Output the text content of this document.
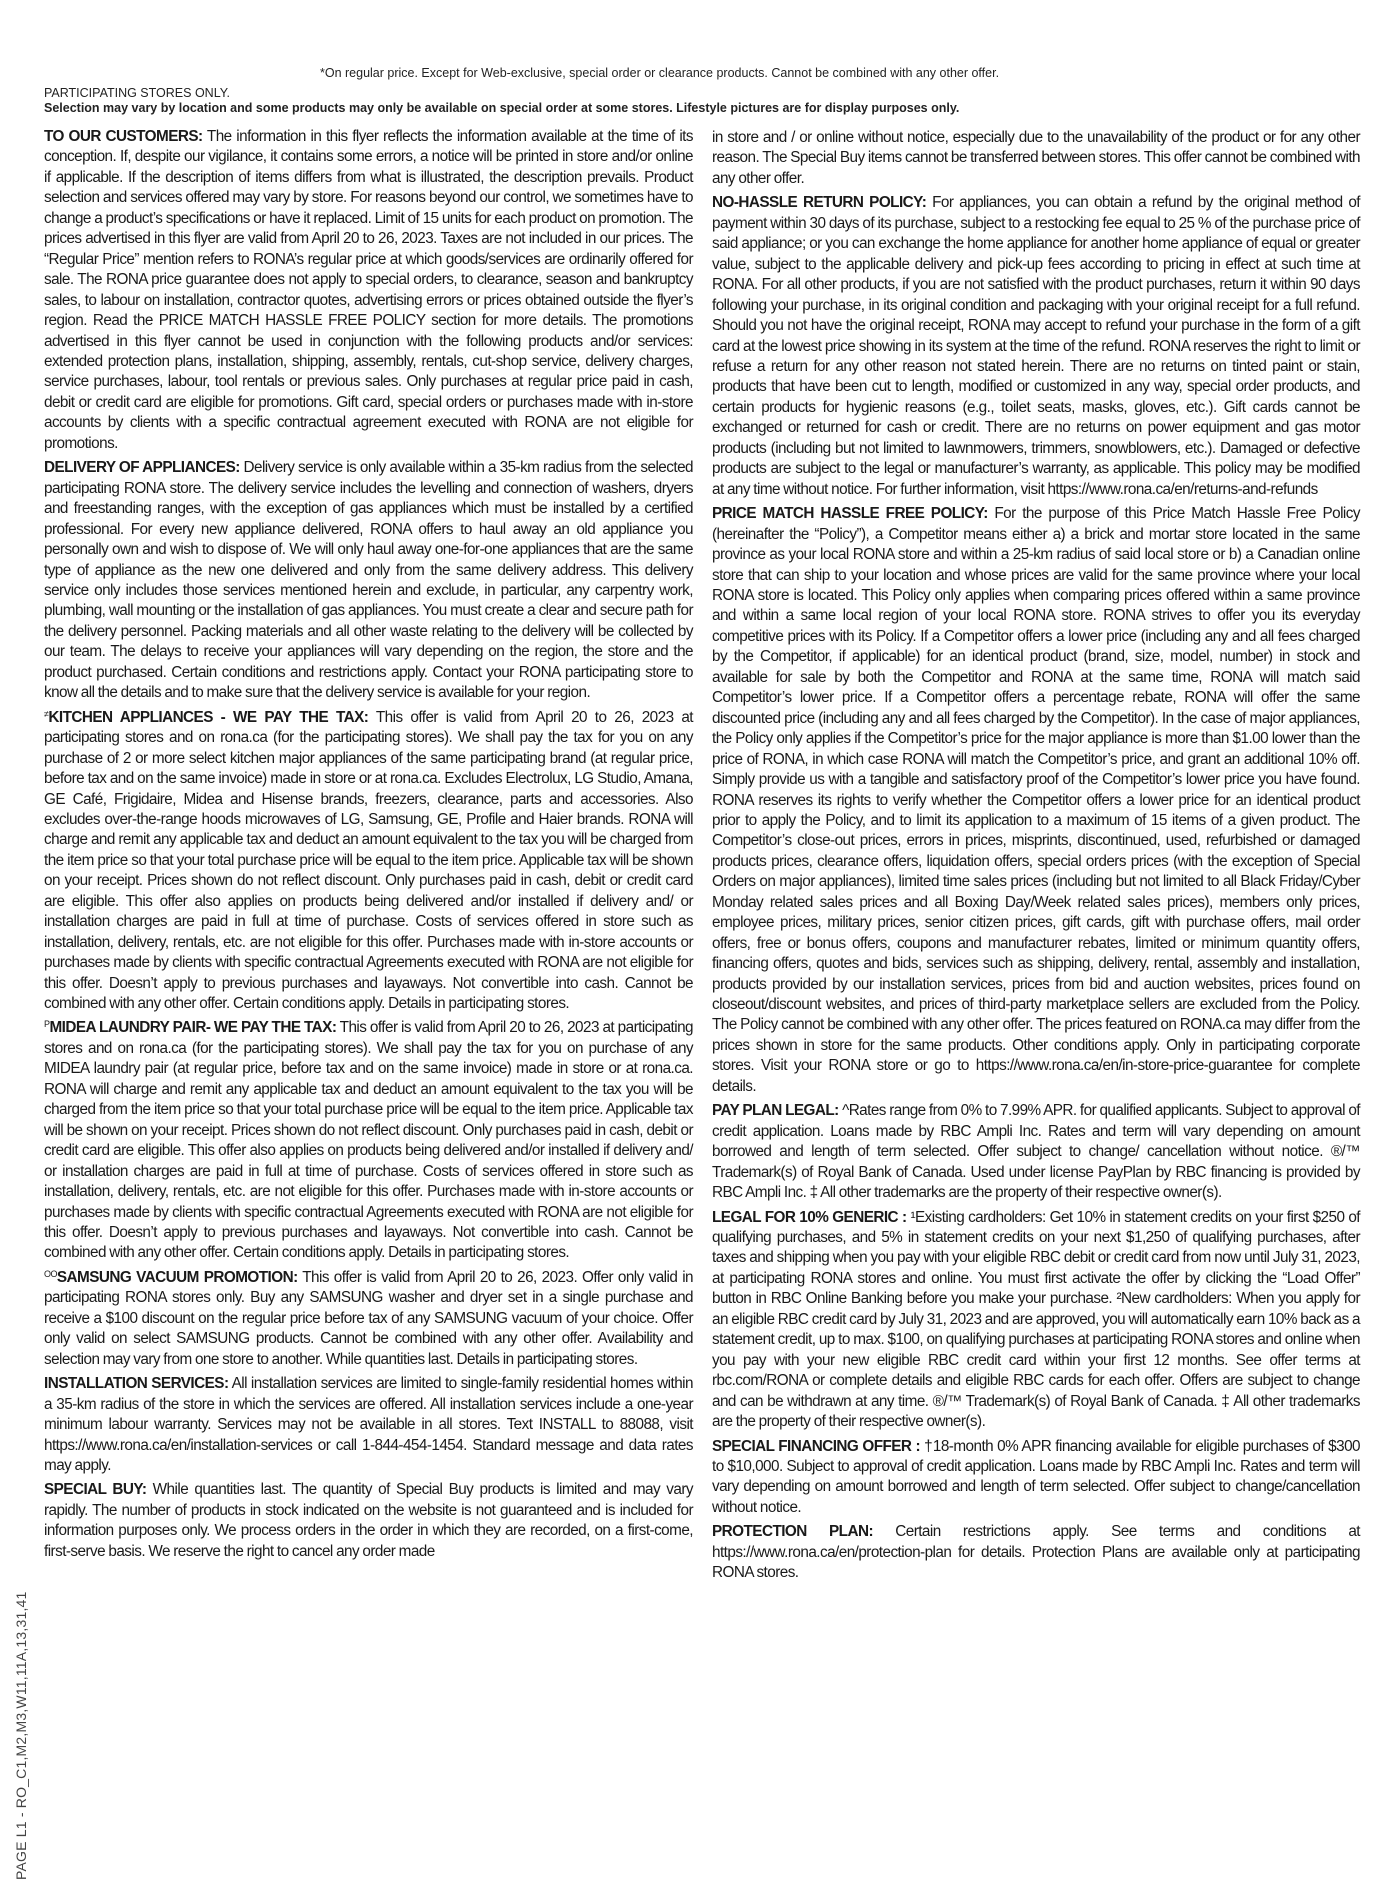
*On regular price. Except for Web-exclusive, special order or clearance products. Cannot be combined with any other offer.
PARTICIPATING STORES ONLY.
Selection may vary by location and some products may only be available on special order at some stores. Lifestyle pictures are for display purposes only.

TO OUR CUSTOMERS: The information in this flyer reflects the information available at the time of its conception. If, despite our vigilance, it contains some errors, a notice will be printed in store and/or online if applicable. If the description of items differs from what is illustrated, the description prevails. Product selection and services offered may vary by store. For reasons beyond our control, we sometimes have to change a product’s specifications or have it replaced. Limit of 15 units for each product on promotion. The prices advertised in this flyer are valid from April 20 to 26, 2023. Taxes are not included in our prices. The “Regular Price” mention refers to RONA’s regular price at which goods/services are ordinarily offered for sale. The RONA price guarantee does not apply to special orders, to clearance, season and bankruptcy sales, to labour on installation, contractor quotes, advertising errors or prices obtained outside the flyer’s region. Read the PRICE MATCH HASSLE FREE POLICY section for more details. The promotions advertised in this flyer cannot be used in conjunction with the following products and/or services: extended protection plans, installation, shipping, assembly, rentals, cut-shop service, delivery charges, service purchases, labour, tool rentals or previous sales. Only purchases at regular price paid in cash, debit or credit card are eligible for promotions. Gift card, special orders or purchases made with in-store accounts by clients with a specific contractual agreement executed with RONA are not eligible for promotions.

DELIVERY OF APPLIANCES: Delivery service is only available within a 35-km radius from the selected participating RONA store. The delivery service includes the levelling and connection of washers, dryers and freestanding ranges, with the exception of gas appliances which must be installed by a certified professional. For every new appliance delivered, RONA offers to haul away an old appliance you personally own and wish to dispose of. We will only haul away one-for-one appliances that are the same type of appliance as the new one delivered and only from the same delivery address. This delivery service only includes those services mentioned herein and exclude, in particular, any carpentry work, plumbing, wall mounting or the installation of gas appliances. You must create a clear and secure path for the delivery personnel. Packing materials and all other waste relating to the delivery will be collected by our team. The delays to receive your appliances will vary depending on the region, the store and the product purchased. Certain conditions and restrictions apply. Contact your RONA participating store to know all the details and to make sure that the delivery service is available for your region.

≠KITCHEN APPLIANCES - WE PAY THE TAX: This offer is valid from April 20 to 26, 2023 at participating stores and on rona.ca (for the participating stores). We shall pay the tax for you on any purchase of 2 or more select kitchen major appliances of the same participating brand (at regular price, before tax and on the same invoice) made in store or at rona.ca. Excludes Electrolux, LG Studio, Amana, GE Café, Frigidaire, Midea and Hisense brands, freezers, clearance, parts and accessories. Also excludes over-the-range hoods microwaves of LG, Samsung, GE, Profile and Haier brands. RONA will charge and remit any applicable tax and deduct an amount equivalent to the tax you will be charged from the item price so that your total purchase price will be equal to the item price. Applicable tax will be shown on your receipt. Prices shown do not reflect discount. Only purchases paid in cash, debit or credit card are eligible. This offer also applies on products being delivered and/or installed if delivery and/ or installation charges are paid in full at time of purchase. Costs of services offered in store such as installation, delivery, rentals, etc. are not eligible for this offer. Purchases made with in-store accounts or purchases made by clients with specific contractual Agreements executed with RONA are not eligible for this offer. Doesn’t apply to previous purchases and layaways. Not convertible into cash. Cannot be combined with any other offer. Certain conditions apply. Details in participating stores.

$^P$MIDEA LAUNDRY PAIR- WE PAY THE TAX: This offer is valid from April 20 to 26, 2023 at participating stores and on rona.ca (for the participating stores). We shall pay the tax for you on purchase of any MIDEA laundry pair (at regular price, before tax and on the same invoice) made in store or at rona.ca. RONA will charge and remit any applicable tax and deduct an amount equivalent to the tax you will be charged from the item price so that your total purchase price will be equal to the item price. Applicable tax will be shown on your receipt. Prices shown do not reflect discount. Only purchases paid in cash, debit or credit card are eligible. This offer also applies on products being delivered and/or installed if delivery and/ or installation charges are paid in full at time of purchase. Costs of services offered in store such as installation, delivery, rentals, etc. are not eligible for this offer. Purchases made with in-store accounts or purchases made by clients with specific contractual Agreements executed with RONA are not eligible for this offer. Doesn’t apply to previous purchases and layaways. Not convertible into cash. Cannot be combined with any other offer. Certain conditions apply. Details in participating stores.

$^{OO}$SAMSUNG VACUUM PROMOTION: This offer is valid from April 20 to 26, 2023. Offer only valid in participating RONA stores only. Buy any SAMSUNG washer and dryer set in a single purchase and receive a $100 discount on the regular price before tax of any SAMSUNG vacuum of your choice. Offer only valid on select SAMSUNG products. Cannot be combined with any other offer. Availability and selection may vary from one store to another. While quantities last. Details in participating stores.

INSTALLATION SERVICES: All installation services are limited to single-family residential homes within a 35-km radius of the store in which the services are offered. All installation services include a one-year minimum labour warranty. Services may not be available in all stores. Text INSTALL to 88088, visit https://www.rona.ca/en/installation-services or call 1-844-454-1454. Standard message and data rates may apply.

SPECIAL BUY: While quantities last. The quantity of Special Buy products is limited and may vary rapidly. The number of products in stock indicated on the website is not guaranteed and is included for information purposes only. We process orders in the order in which they are recorded, on a first-come, first-serve basis. We reserve the right to cancel any order made

in store and / or online without notice, especially due to the unavailability of the product or for any other reason. The Special Buy items cannot be transferred between stores. This offer cannot be combined with any other offer.

NO-HASSLE RETURN POLICY: For appliances, you can obtain a refund by the original method of payment within 30 days of its purchase, subject to a restocking fee equal to 25 % of the purchase price of said appliance; or you can exchange the home appliance for another home appliance of equal or greater value, subject to the applicable delivery and pick-up fees according to pricing in effect at such time at RONA. For all other products, if you are not satisfied with the product purchases, return it within 90 days following your purchase, in its original condition and packaging with your original receipt for a full refund. Should you not have the original receipt, RONA may accept to refund your purchase in the form of a gift card at the lowest price showing in its system at the time of the refund. RONA reserves the right to limit or refuse a return for any other reason not stated herein. There are no returns on tinted paint or stain, products that have been cut to length, modified or customized in any way, special order products, and certain products for hygienic reasons (e.g., toilet seats, masks, gloves, etc.). Gift cards cannot be exchanged or returned for cash or credit. There are no returns on power equipment and gas motor products (including but not limited to lawnmowers, trimmers, snowblowers, etc.). Damaged or defective products are subject to the legal or manufacturer’s warranty, as applicable. This policy may be modified at any time without notice. For further information, visit https://www.rona.ca/en/returns-and-refunds

PRICE MATCH HASSLE FREE POLICY: For the purpose of this Price Match Hassle Free Policy (hereinafter the “Policy”), a Competitor means either a) a brick and mortar store located in the same province as your local RONA store and within a 25-km radius of said local store or b) a Canadian online store that can ship to your location and whose prices are valid for the same province where your local RONA store is located. This Policy only applies when comparing prices offered within a same province and within a same local region of your local RONA store. RONA strives to offer you its everyday competitive prices with its Policy. If a Competitor offers a lower price (including any and all fees charged by the Competitor, if applicable) for an identical product (brand, size, model, number) in stock and available for sale by both the Competitor and RONA at the same time, RONA will match said Competitor’s lower price. If a Competitor offers a percentage rebate, RONA will offer the same discounted price (including any and all fees charged by the Competitor). In the case of major appliances, the Policy only applies if the Competitor’s price for the major appliance is more than $1.00 lower than the price of RONA, in which case RONA will match the Competitor’s price, and grant an additional 10% off. Simply provide us with a tangible and satisfactory proof of the Competitor’s lower price you have found. RONA reserves its rights to verify whether the Competitor offers a lower price for an identical product prior to apply the Policy, and to limit its application to a maximum of 15 items of a given product. The Competitor’s close-out prices, errors in prices, misprints, discontinued, used, refurbished or damaged products prices, clearance offers, liquidation offers, special orders prices (with the exception of Special Orders on major appliances), limited time sales prices (including but not limited to all Black Friday/Cyber Monday related sales prices and all Boxing Day/Week related sales prices), members only prices, employee prices, military prices, senior citizen prices, gift cards, gift with purchase offers, mail order offers, free or bonus offers, coupons and manufacturer rebates, limited or minimum quantity offers, financing offers, quotes and bids, services such as shipping, delivery, rental, assembly and installation, products provided by our installation services, prices from bid and auction websites, prices found on closeout/discount websites, and prices of third-party marketplace sellers are excluded from the Policy. The Policy cannot be combined with any other offer. The prices featured on RONA.ca may differ from the prices shown in store for the same products. Other conditions apply. Only in participating corporate stores. Visit your RONA store or go to https://www.rona.ca/en/in-store-price-guarantee for complete details.

PAY PLAN LEGAL: ^Rates range from 0% to 7.99% APR. for qualified applicants. Subject to approval of credit application. Loans made by RBC Ampli Inc. Rates and term will vary depending on amount borrowed and length of term selected. Offer subject to change/ cancellation without notice. ®/™ Trademark(s) of Royal Bank of Canada. Used under license PayPlan by RBC financing is provided by RBC Ampli Inc. ‡ All other trademarks are the property of their respective owner(s).

LEGAL FOR 10% GENERIC : ¹Existing cardholders: Get 10% in statement credits on your first $250 of qualifying purchases, and 5% in statement credits on your next $1,250 of qualifying purchases, after taxes and shipping when you pay with your eligible RBC debit or credit card from now until July 31, 2023, at participating RONA stores and online. You must first activate the offer by clicking the “Load Offer” button in RBC Online Banking before you make your purchase. ²New cardholders: When you apply for an eligible RBC credit card by July 31, 2023 and are approved, you will automatically earn 10% back as a statement credit, up to max. $100, on qualifying purchases at participating RONA stores and online when you pay with your new eligible RBC credit card within your first 12 months. See offer terms at rbc.com/RONA or complete details and eligible RBC cards for each offer. Offers are subject to change and can be withdrawn at any time. ®/™ Trademark(s) of Royal Bank of Canada. ‡ All other trademarks are the property of their respective owner(s).

SPECIAL FINANCING OFFER : †18-month 0% APR financing available for eligible purchases of $300 to $10,000. Subject to approval of credit application. Loans made by RBC Ampli Inc. Rates and term will vary depending on amount borrowed and length of term selected. Offer subject to change/cancellation without notice.

PROTECTION PLAN: Certain restrictions apply. See terms and conditions at https://www.rona.ca/en/protection-plan for details. Protection Plans are available only at participating RONA stores.

PAGE L1 - RO_C1,M2,M3,W11,11A,13,31,41
